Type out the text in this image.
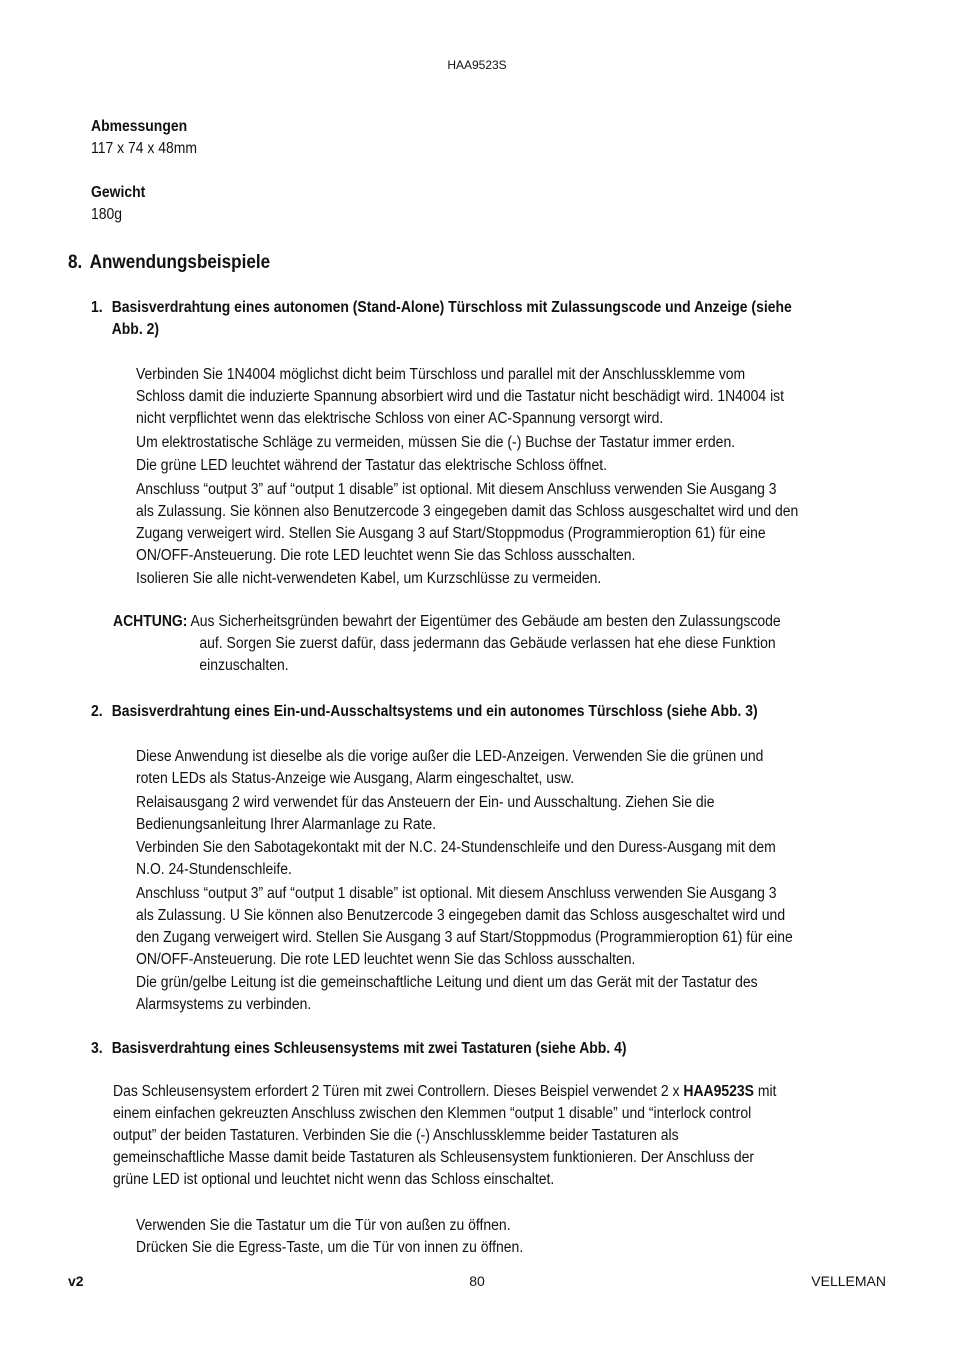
HAA9523S
Abmessungen
117 x 74 x 48mm
Gewicht
180g
8. Anwendungsbeispiele
1. Basisverdrahtung eines autonomen (Stand-Alone) Türschloss mit Zulassungscode und Anzeige (siehe
Abb. 2)
Verbinden Sie 1N4004 möglichst dicht beim Türschloss und parallel mit der Anschlussklemme vom
Schloss damit die induzierte Spannung absorbiert wird und die Tastatur nicht beschädigt wird. 1N4004 ist
nicht verpflichtet wenn das elektrische Schloss von einer AC-Spannung versorgt wird.
Um elektrostatische Schläge zu vermeiden, müssen Sie die (-) Buchse der Tastatur immer erden.
Die grüne LED leuchtet während der Tastatur das elektrische Schloss öffnet.
Anschluss “output 3” auf “output 1 disable” ist optional. Mit diesem Anschluss verwenden Sie Ausgang 3
als Zulassung. Sie können also Benutzercode 3 eingegeben damit das Schloss ausgeschaltet wird und den
Zugang verweigert wird. Stellen Sie Ausgang 3 auf Start/Stoppmodus (Programmieroption 61) für eine
ON/OFF-Ansteuerung. Die rote LED leuchtet wenn Sie das Schloss ausschalten.
Isolieren Sie alle nicht-verwendeten Kabel, um Kurzschlüsse zu vermeiden.
ACHTUNG: Aus Sicherheitsgründen bewahrt der Eigentümer des Gebäude am besten den Zulassungscode
auf. Sorgen Sie zuerst dafür, dass jedermann das Gebäude verlassen hat ehe diese Funktion
einzuschalten.
2. Basisverdrahtung eines Ein-und-Ausschaltsystems und ein autonomes Türschloss (siehe Abb. 3)
Diese Anwendung ist dieselbe als die vorige außer die LED-Anzeigen. Verwenden Sie die grünen und
roten LEDs als Status-Anzeige wie Ausgang, Alarm eingeschaltet, usw.
Relaisausgang 2 wird verwendet für das Ansteuern der Ein- und Ausschaltung. Ziehen Sie die
Bedienungsanleitung Ihrer Alarmanlage zu Rate.
Verbinden Sie den Sabotagekontakt mit der N.C. 24-Stundenschleife und den Duress-Ausgang mit dem
N.O. 24-Stundenschleife.
Anschluss “output 3” auf “output 1 disable” ist optional. Mit diesem Anschluss verwenden Sie Ausgang 3
als Zulassung. U Sie können also Benutzercode 3 eingegeben damit das Schloss ausgeschaltet wird und
den Zugang verweigert wird. Stellen Sie Ausgang 3 auf Start/Stoppmodus (Programmieroption 61) für eine
ON/OFF-Ansteuerung. Die rote LED leuchtet wenn Sie das Schloss ausschalten.
Die grün/gelbe Leitung ist die gemeinschaftliche Leitung und dient um das Gerät mit der Tastatur des
Alarmsystems zu verbinden.
3. Basisverdrahtung eines Schleusensystems mit zwei Tastaturen (siehe Abb. 4)
Das Schleusensystem erfordert 2 Türen mit zwei Controllern. Dieses Beispiel verwendet 2 x HAA9523S mit
einem einfachen gekreuzten Anschluss zwischen den Klemmen “output 1 disable” und “interlock control
output” der beiden Tastaturen. Verbinden Sie die (-) Anschlussklemme beider Tastaturen als
gemeinschaftliche Masse damit beide Tastaturen als Schleusensystem funktionieren. Der Anschluss der
grüne LED ist optional und leuchtet nicht wenn das Schloss einschaltet.
Verwenden Sie die Tastatur um die Tür von außen zu öffnen.
Drücken Sie die Egress-Taste, um die Tür von innen zu öffnen.
v2	80	VELLEMAN
